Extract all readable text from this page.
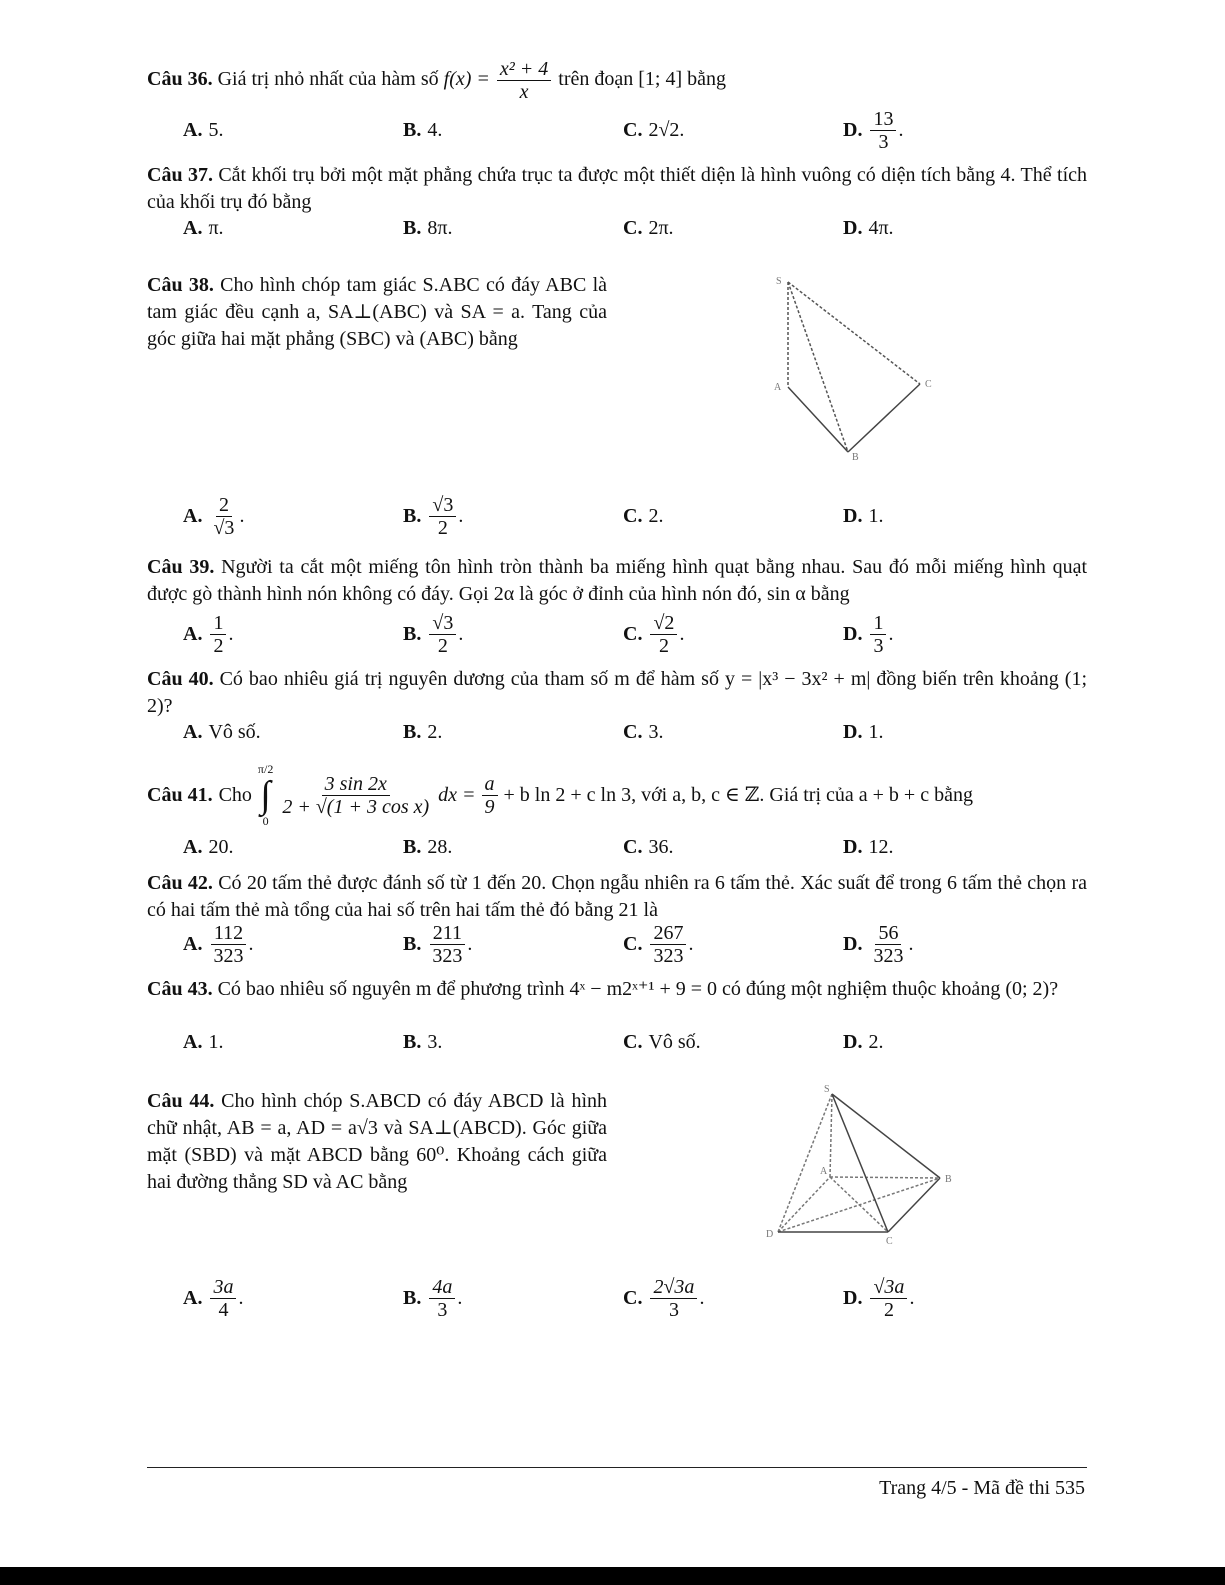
Câu 36. Giá trị nhỏ nhất của hàm số $f(x) = \frac{\text{x² + 4}}{x}$ trên đoạn [1; 4] bằng
A. 5.	B. 4.	C. 2√2.	D. 13
3
.
Câu 37. Cắt khối trụ bởi một mặt phẳng chứa trục ta được một thiết diện là hình vuông có diện tích bằng 4. Thể tích của khối trụ đó bằng
A. π.	B. 8π.	C. 2π.	D. 4π.
Câu 38. Cho hình chóp tam giác S.ABC có đáy ABC là tam giác đều cạnh a, SA⊥(ABC) và SA = a. Tang của góc giữa hai mặt phẳng (SBC) và (ABC) bằng
S
A	C
B
A. 2
√3
.	B. √3
2
.	C. 2.	D. 1.
Câu 39. Người ta cắt một miếng tôn hình tròn thành ba miếng hình quạt bằng nhau. Sau đó mỗi miếng hình quạt được gò thành hình nón không có đáy. Gọi 2α là góc ở đỉnh của hình nón đó, sin α bằng
A. 1
2
.	B. √3
2
.	C. √2
2
.	D. 1
3
.
Câu 40. Có bao nhiêu giá trị nguyên dương của tham số m để hàm số y = |x³ − 3x² + m| đồng biến trên khoảng (1; 2)?
A. Vô số.	B. 2.	C. 3.	D. 1.
Câu 41. Cho
π/2
∫
0
3 sin 2x
2 + √(1 + 3 cos x)
dx = $\frac{a}{9} + b$ ln 2 + c ln 3, với a, b, c ∈ ℤ. Giá trị của a + b + c bằng
A. 20.	B. 28.	C. 36.	D. 12.
Câu 42. Có 20 tấm thẻ được đánh số từ 1 đến 20. Chọn ngẫu nhiên ra 6 tấm thẻ. Xác suất để trong 6 tấm thẻ chọn ra có hai tấm thẻ mà tổng của hai số trên hai tấm thẻ đó bằng 21 là
A. 112
323
.	B. 211
323
.	C. 267
323
.	D. 56
323
.
Câu 43. Có bao nhiêu số nguyên m để phương trình 4ˣ − m2ˣ⁺¹ + 9 = 0 có đúng một nghiệm thuộc khoảng (0; 2)?
A. 1.	B. 3.	C. Vô số.	D. 2.
Câu 44. Cho hình chóp S.ABCD có đáy ABCD là hình chữ nhật, AB = a, AD = a√3 và SA⊥(ABCD). Góc giữa mặt (SBD) và mặt ABCD bằng 60⁰. Khoảng cách giữa hai đường thẳng SD và AC bằng
S
A
B
D
C
A. 3a
4
.	B. 4a
3
.	C. 2√3a
3
.	D. √3a
2
.
Trang 4/5 - Mã đề thi 535
